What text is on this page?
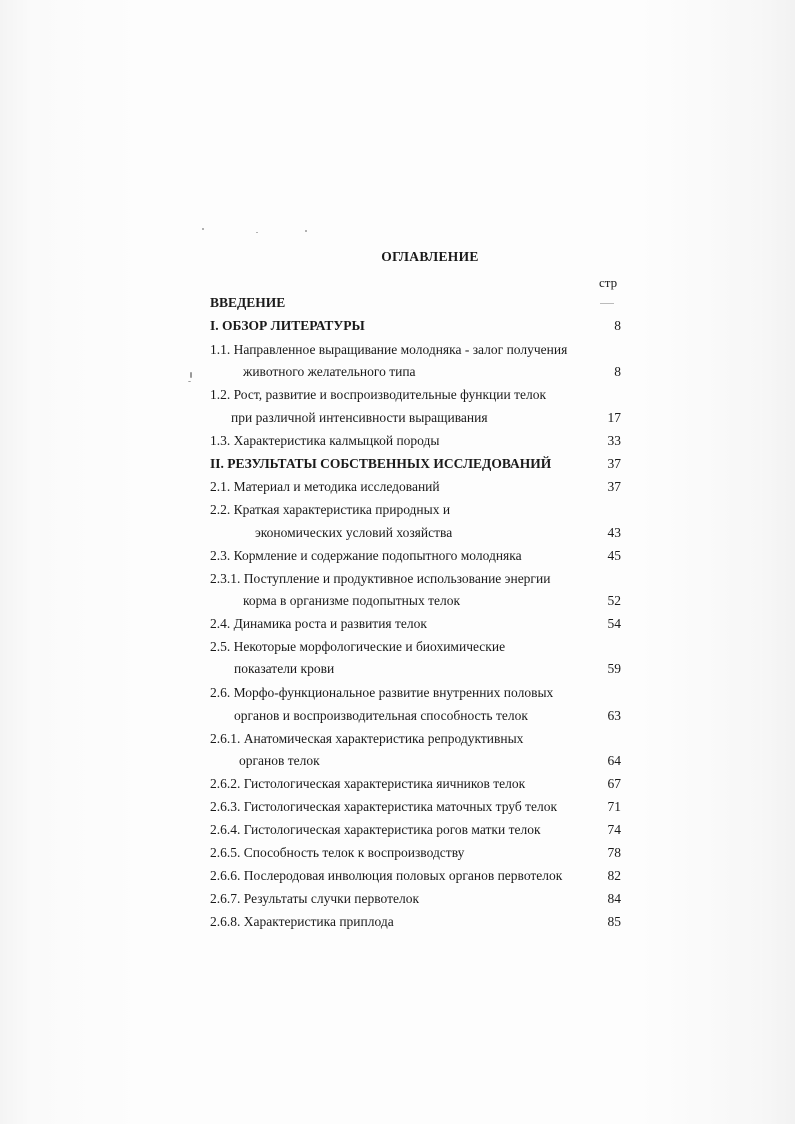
ОГЛАВЛЕНИЕ
стр
ВВЕДЕНИЕ
I. ОБЗОР ЛИТЕРАТУРЫ	8
1.1. Направленное выращивание молодняка - залог получения
животного желательного типа	8
1.2. Рост, развитие и воспроизводительные функции телок
при различной интенсивности выращивания	17
1.3. Характеристика калмыцкой породы	33
II. РЕЗУЛЬТАТЫ СОБСТВЕННЫХ ИССЛЕДОВАНИЙ	37
2.1. Материал и методика исследований	37
2.2. Краткая характеристика природных и
экономических условий хозяйства	43
2.3. Кормление и содержание подопытного молодняка	45
2.3.1. Поступление и продуктивное использование энергии
корма в организме подопытных телок	52
2.4. Динамика роста и развития телок	54
2.5. Некоторые морфологические и биохимические
показатели крови	59
2.6. Морфо-функциональное развитие внутренних половых
органов и воспроизводительная способность телок	63
2.6.1. Анатомическая характеристика репродуктивных
органов телок	64
2.6.2. Гистологическая характеристика яичников телок	67
2.6.3. Гистологическая характеристика маточных труб телок	71
2.6.4. Гистологическая характеристика рогов матки телок	74
2.6.5. Способность телок к воспроизводству	78
2.6.6. Послеродовая инволюция половых органов первотелок	82
2.6.7. Результаты случки первотелок	84
2.6.8. Характеристика приплода	85
